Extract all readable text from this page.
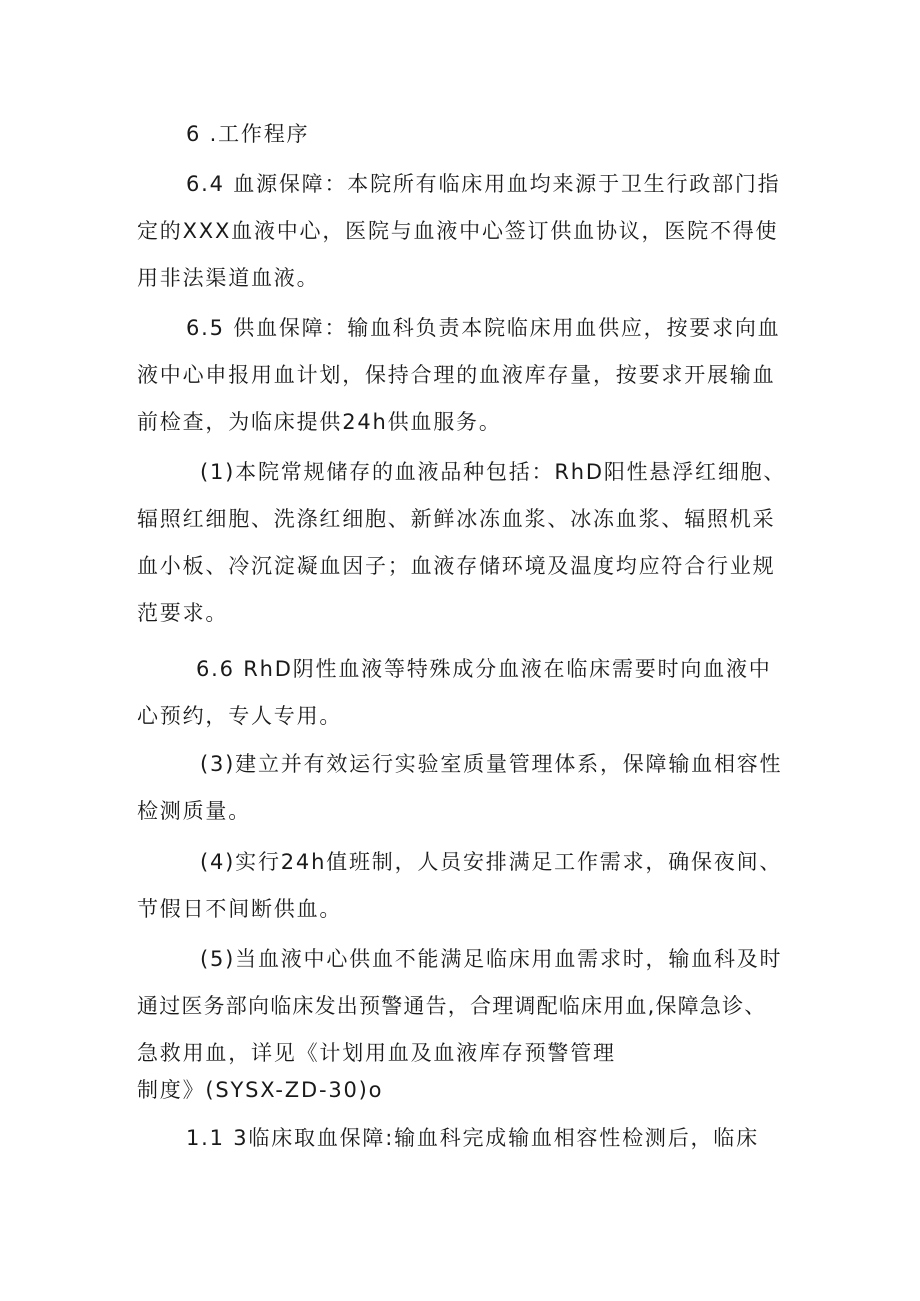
6 .工作程序
6.4 血源保障：本院所有临床用血均来源于卫生行政部门指
定的XXX血液中心，医院与血液中心签订供血协议，医院不得使
用非法渠道血液。
6.5 供血保障：输血科负责本院临床用血供应，按要求向血
液中心申报用血计划，保持合理的血液库存量，按要求开展输血
前检查，为临床提供24h供血服务。
(1)本院常规储存的血液品种包括：RhD阳性悬浮红细胞、
辐照红细胞、洗涤红细胞、新鲜冰冻血浆、冰冻血浆、辐照机采
血小板、冷沉淀凝血因子；血液存储环境及温度均应符合行业规
范要求。
6.6 RhD阴性血液等特殊成分血液在临床需要时向血液中
心预约，专人专用。
(3)建立并有效运行实验室质量管理体系，保障输血相容性
检测质量。
(4)实行24h值班制，人员安排满足工作需求，确保夜间、
节假日不间断供血。
(5)当血液中心供血不能满足临床用血需求时，输血科及时
通过医务部向临床发出预警通告，合理调配临床用血,保障急诊、
急救用血，详见《计划用血及血液库存预警管理
制度》(SYSX-ZD-30)o
1.1 3临床取血保障:输血科完成输血相容性检测后，临床
